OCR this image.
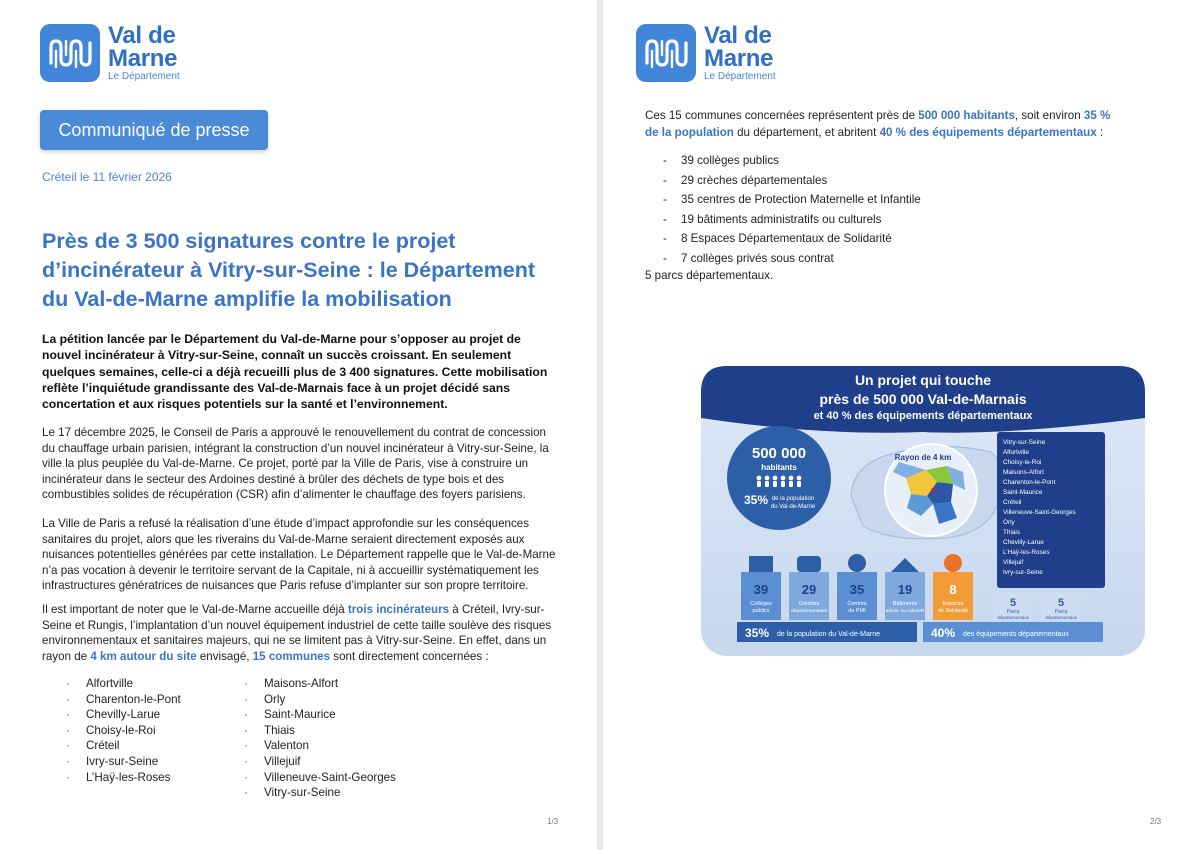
Val de
Marne
Le Département
Communiqué de presse
Créteil le 11 février 2026
Près de 3 500 signatures contre le projet d’incinérateur à Vitry-sur-Seine : le Département du Val-de-Marne amplifie la mobilisation

La pétition lancée par le Département du Val-de-Marne pour s’opposer au projet de nouvel incinérateur à Vitry-sur-Seine, connaît un succès croissant. En seulement quelques semaines, celle-ci a déjà recueilli plus de 3 400 signatures. Cette mobilisation reflète l’inquiétude grandissante des Val-de-Marnais face à un projet décidé sans concertation et aux risques potentiels sur la santé et l’environnement.

Le 17 décembre 2025, le Conseil de Paris a approuvé le renouvellement du contrat de concession du chauffage urbain parisien, intégrant la construction d’un nouvel incinérateur à Vitry-sur-Seine, la ville la plus peuplée du Val-de-Marne. Ce projet, porté par la Ville de Paris, vise à construire un incinérateur dans le secteur des Ardoines destiné à brûler des déchets de type bois et des combustibles solides de récupération (CSR) afin d’alimenter le chauffage des foyers parisiens.

La Ville de Paris a refusé la réalisation d’une étude d’impact approfondie sur les conséquences sanitaires du projet, alors que les riverains du Val-de-Marne seraient directement exposés aux nuisances potentielles générées par cette installation. Le Département rappelle que le Val-de-Marne n’a pas vocation à devenir le territoire servant de la Capitale, ni à accueillir systématiquement les infrastructures génératrices de nuisances que Paris refuse d’implanter sur son propre territoire.

Il est important de noter que le Val-de-Marne accueille déjà trois incinérateurs à Créteil, Ivry-sur-Seine et Rungis, l’implantation d’un nouvel équipement industriel de cette taille soulève des risques environnementaux et sanitaires majeurs, qui ne se limitent pas à Vitry-sur-Seine. En effet, dans un rayon de 4 km autour du site envisagé, 15 communes sont directement concernées :

· Alfortville
· Charenton-le-Pont
· Chevilly-Larue
· Choisy-le-Roi
· Créteil
· Ivry-sur-Seine
· L’Haÿ-les-Roses
· Maisons-Alfort
· Orly
· Saint-Maurice
· Thiais
· Valenton
· Villejuif
· Villeneuve-Saint-Georges
· Vitry-sur-Seine
1/3
Val de
Marne
Le Département

Ces 15 communes concernées représentent près de 500 000 habitants, soit environ 35 % de la population du département, et abritent 40 % des équipements départementaux :

- 39 collèges publics
- 29 crèches départementales
- 35 centres de Protection Maternelle et Infantile
- 19 bâtiments administratifs ou culturels
- 8 Espaces Départementaux de Solidarité
- 7 collèges privés sous contrat
5 parcs départementaux.
Un projet qui touche
près de 500 000 Val-de-Marnais
et 40 % des équipements départementaux
500 000
habitants
35% de la population
du Val-de-Marne
Rayon de 4 km
Vitry-sur-Seine
Alfortville
Choisy-le-Roi
Maisons-Alfort
Charenton-le-Pont
Saint-Maurice
Créteil
Villeneuve-Saint-Georges
Orly
Thiais
Chevilly-Larue
L’Haÿ-les-Roses
Villejuif
Ivry-sur-Seine
39
Collèges
publics
29
Crèches
départementales
35
Centres
de PMI
19
Bâtiments
admin. ou culturels
8
Espaces
de Solidarité
5
Parcs
départementaux
5
Parcs
départementaux
35% de la population du Val-de-Marne	40% des équipements départementaux
2/3
